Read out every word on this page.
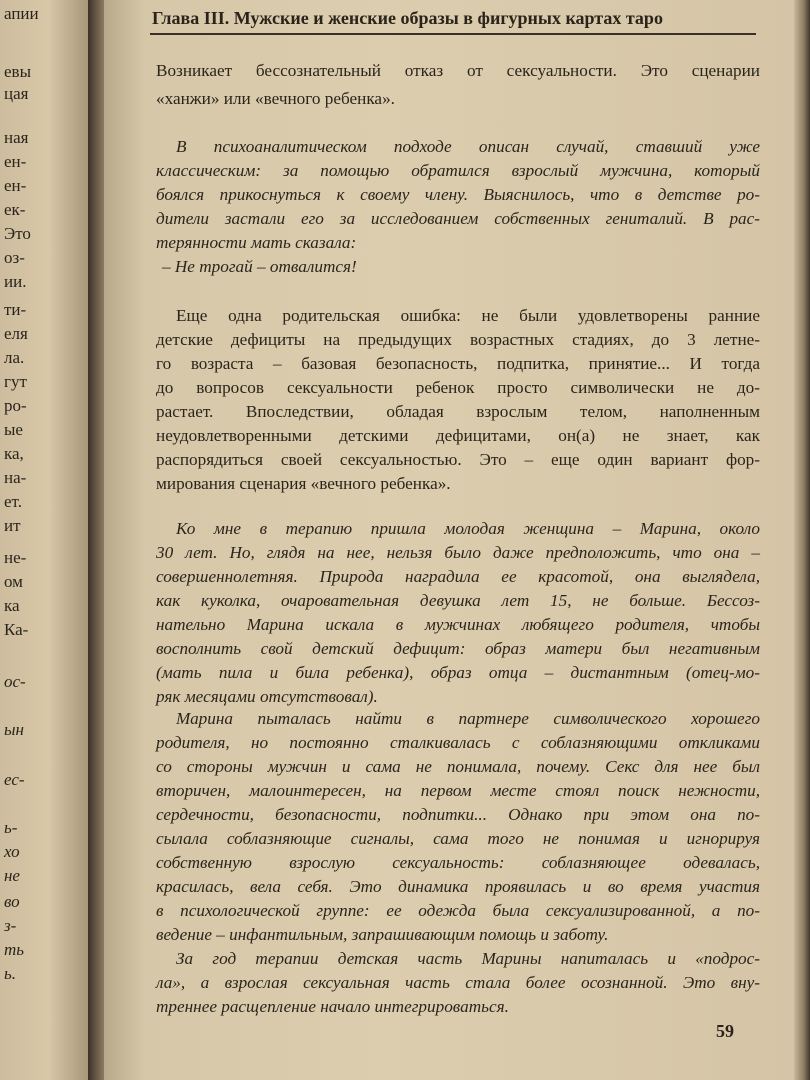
апии
евы
цая
ная
ен-
ен-
ек-
Это
оз-
ии.
ти-
еля
ла.
гут
ро-
ые
ка,
на-
ет.
ит
не-
ом
ка
Ка-
ос-
ын
ес-
ь-
хо
не
во
з-
ть
ь.
Глава III. Мужские и женские образы в фигурных картах таро
59
Возникает бессознательный отказ от сексуальности. Это сценарии
«ханжи» или «вечного ребенка».
В психоаналитическом подходе описан случай, ставший уже
классическим: за помощью обратился взрослый мужчина, который
боялся прикоснуться к своему члену. Выяснилось, что в детстве ро-
дители застали его за исследованием собственных гениталий. В рас-
терянности мать сказала:
– Не трогай – отвалится!
Еще одна родительская ошибка: не были удовлетворены ранние
детские дефициты на предыдущих возрастных стадиях, до 3 летне-
го возраста – базовая безопасность, подпитка, принятие... И тогда
до вопросов сексуальности ребенок просто символически не до-
растает. Впоследствии, обладая взрослым телом, наполненным
неудовлетворенными детскими дефицитами, он(а) не знает, как
распорядиться своей сексуальностью. Это – еще один вариант фор-
мирования сценария «вечного ребенка».
Ко мне в терапию пришла молодая женщина – Марина, около
30 лет. Но, глядя на нее, нельзя было даже предположить, что она –
совершеннолетняя. Природа наградила ее красотой, она выглядела,
как куколка, очаровательная девушка лет 15, не больше. Бессоз-
нательно Марина искала в мужчинах любящего родителя, чтобы
восполнить свой детский дефицит: образ матери был негативным
(мать пила и била ребенка), образ отца – дистантным (отец-мо-
ряк месяцами отсутствовал).
Марина пыталась найти в партнере символического хорошего
родителя, но постоянно сталкивалась с соблазняющими откликами
со стороны мужчин и сама не понимала, почему. Секс для нее был
вторичен, малоинтересен, на первом месте стоял поиск нежности,
сердечности, безопасности, подпитки... Однако при этом она по-
сылала соблазняющие сигналы, сама того не понимая и игнорируя
собственную взрослую сексуальность: соблазняющее одевалась,
красилась, вела себя. Это динамика проявилась и во время участия
в психологической группе: ее одежда была сексуализированной, а по-
ведение – инфантильным, запрашивающим помощь и заботу.
За год терапии детская часть Марины напиталась и «подрос-
ла», а взрослая сексуальная часть стала более осознанной. Это вну-
треннее расщепление начало интегрироваться.
